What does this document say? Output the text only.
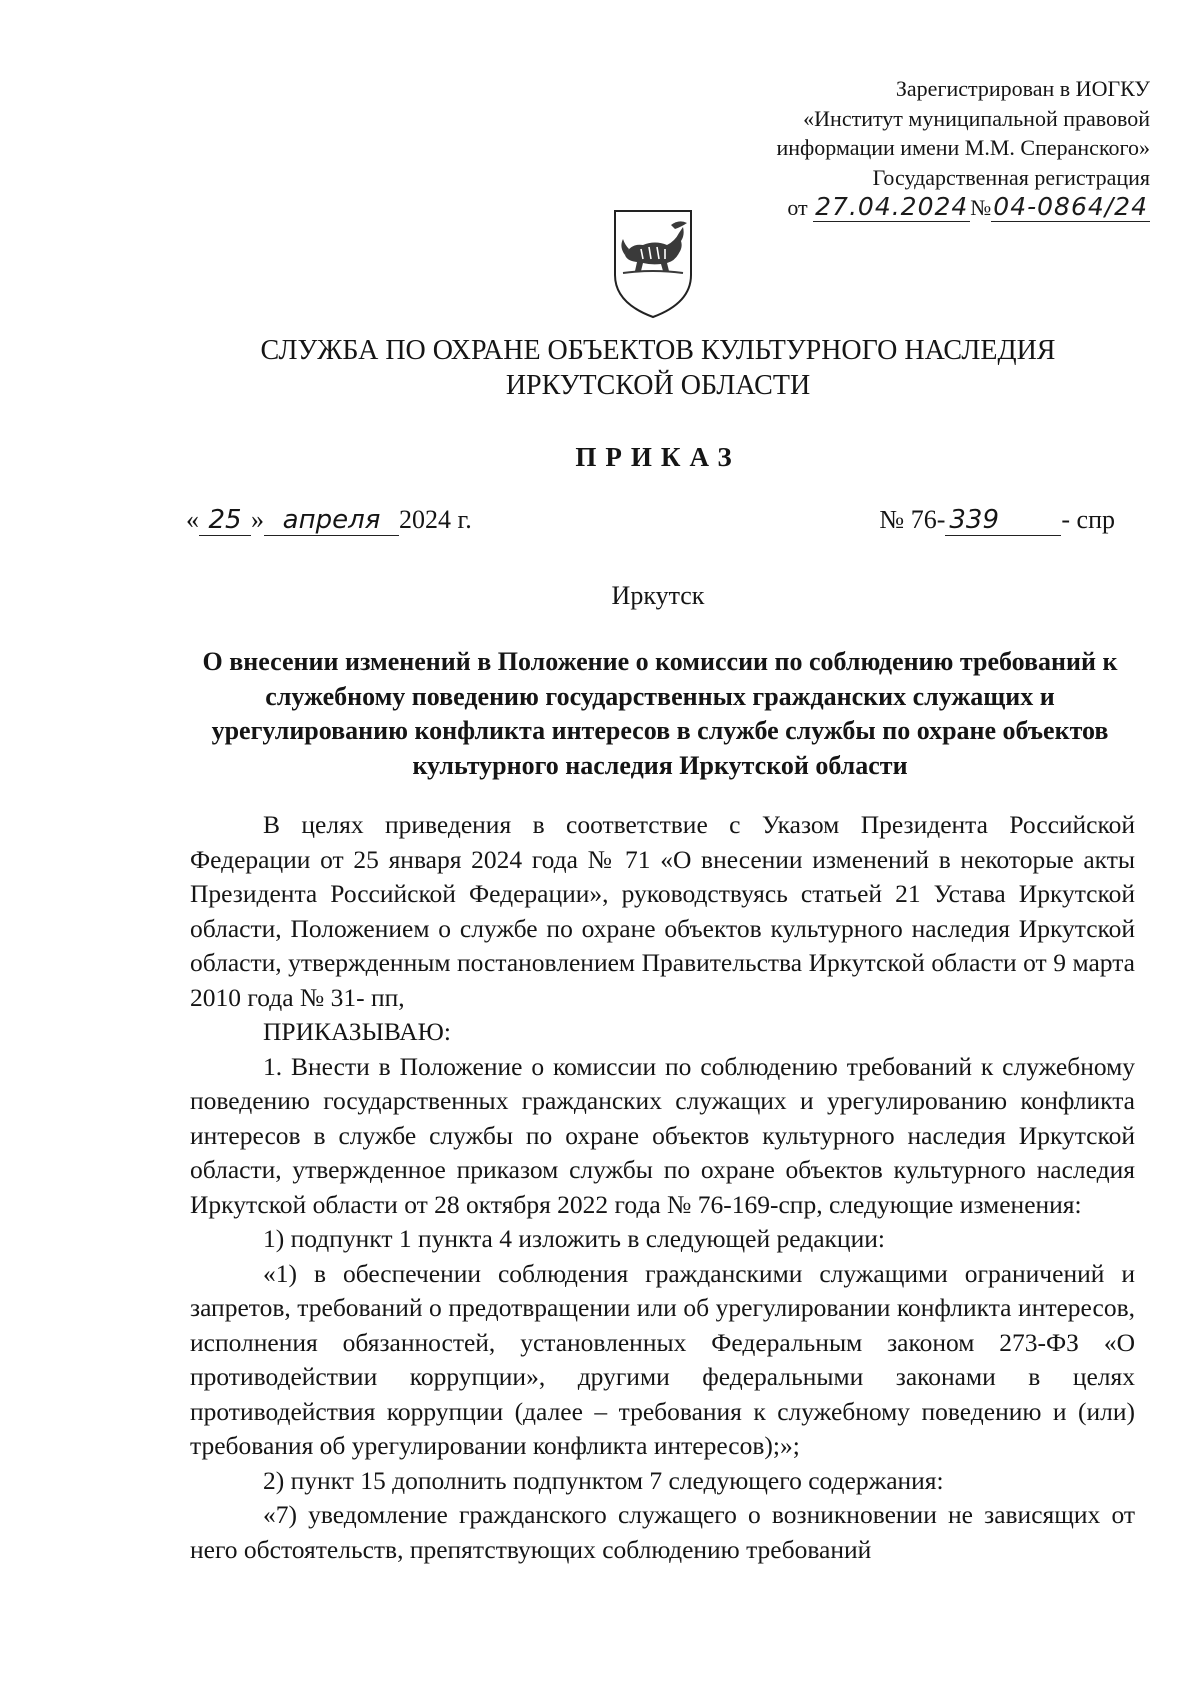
Зарегистрирован в ИОГКУ
«Институт муниципальной правовой
информации имени М.М. Сперанского»
Государственная регистрация
от 27.04.2024№04-0864/24
СЛУЖБА ПО ОХРАНЕ ОБЪЕКТОВ КУЛЬТУРНОГО НАСЛЕДИЯ
ИРКУТСКОЙ ОБЛАСТИ
ПРИКАЗ
« 25 » апреля 2024 г.	№ 76- 339 - спр
Иркутск
О внесении изменений в Положение о комиссии по соблюдению требований к служебному поведению государственных гражданских служащих и урегулированию конфликта интересов в службе службы по охране объектов культурного наследия Иркутской области

В целях приведения в соответствие с Указом Президента Российской Федерации от 25 января 2024 года № 71 «О внесении изменений в некоторые акты Президента Российской Федерации», руководствуясь статьей 21 Устава Иркутской области, Положением о службе по охране объектов культурного наследия Иркутской области, утвержденным постановлением Правительства Иркутской области от 9 марта 2010 года № 31- пп,

ПРИКАЗЫВАЮ:

1. Внести в Положение о комиссии по соблюдению требований к служебному поведению государственных гражданских служащих и урегулированию конфликта интересов в службе службы по охране объектов культурного наследия Иркутской области, утвержденное приказом службы по охране объектов культурного наследия Иркутской области от 28 октября 2022 года № 76-169-спр, следующие изменения:

1) подпункт 1 пункта 4 изложить в следующей редакции:

«1) в обеспечении соблюдения гражданскими служащими ограничений и запретов, требований о предотвращении или об урегулировании конфликта интересов, исполнения обязанностей, установленных Федеральным законом 273-ФЗ «О противодействии коррупции», другими федеральными законами в целях противодействия коррупции (далее – требования к служебному поведению и (или) требования об урегулировании конфликта интересов);»;

2) пункт 15 дополнить подпунктом 7 следующего содержания:

«7) уведомление гражданского служащего о возникновении не зависящих от него обстоятельств, препятствующих соблюдению требований
